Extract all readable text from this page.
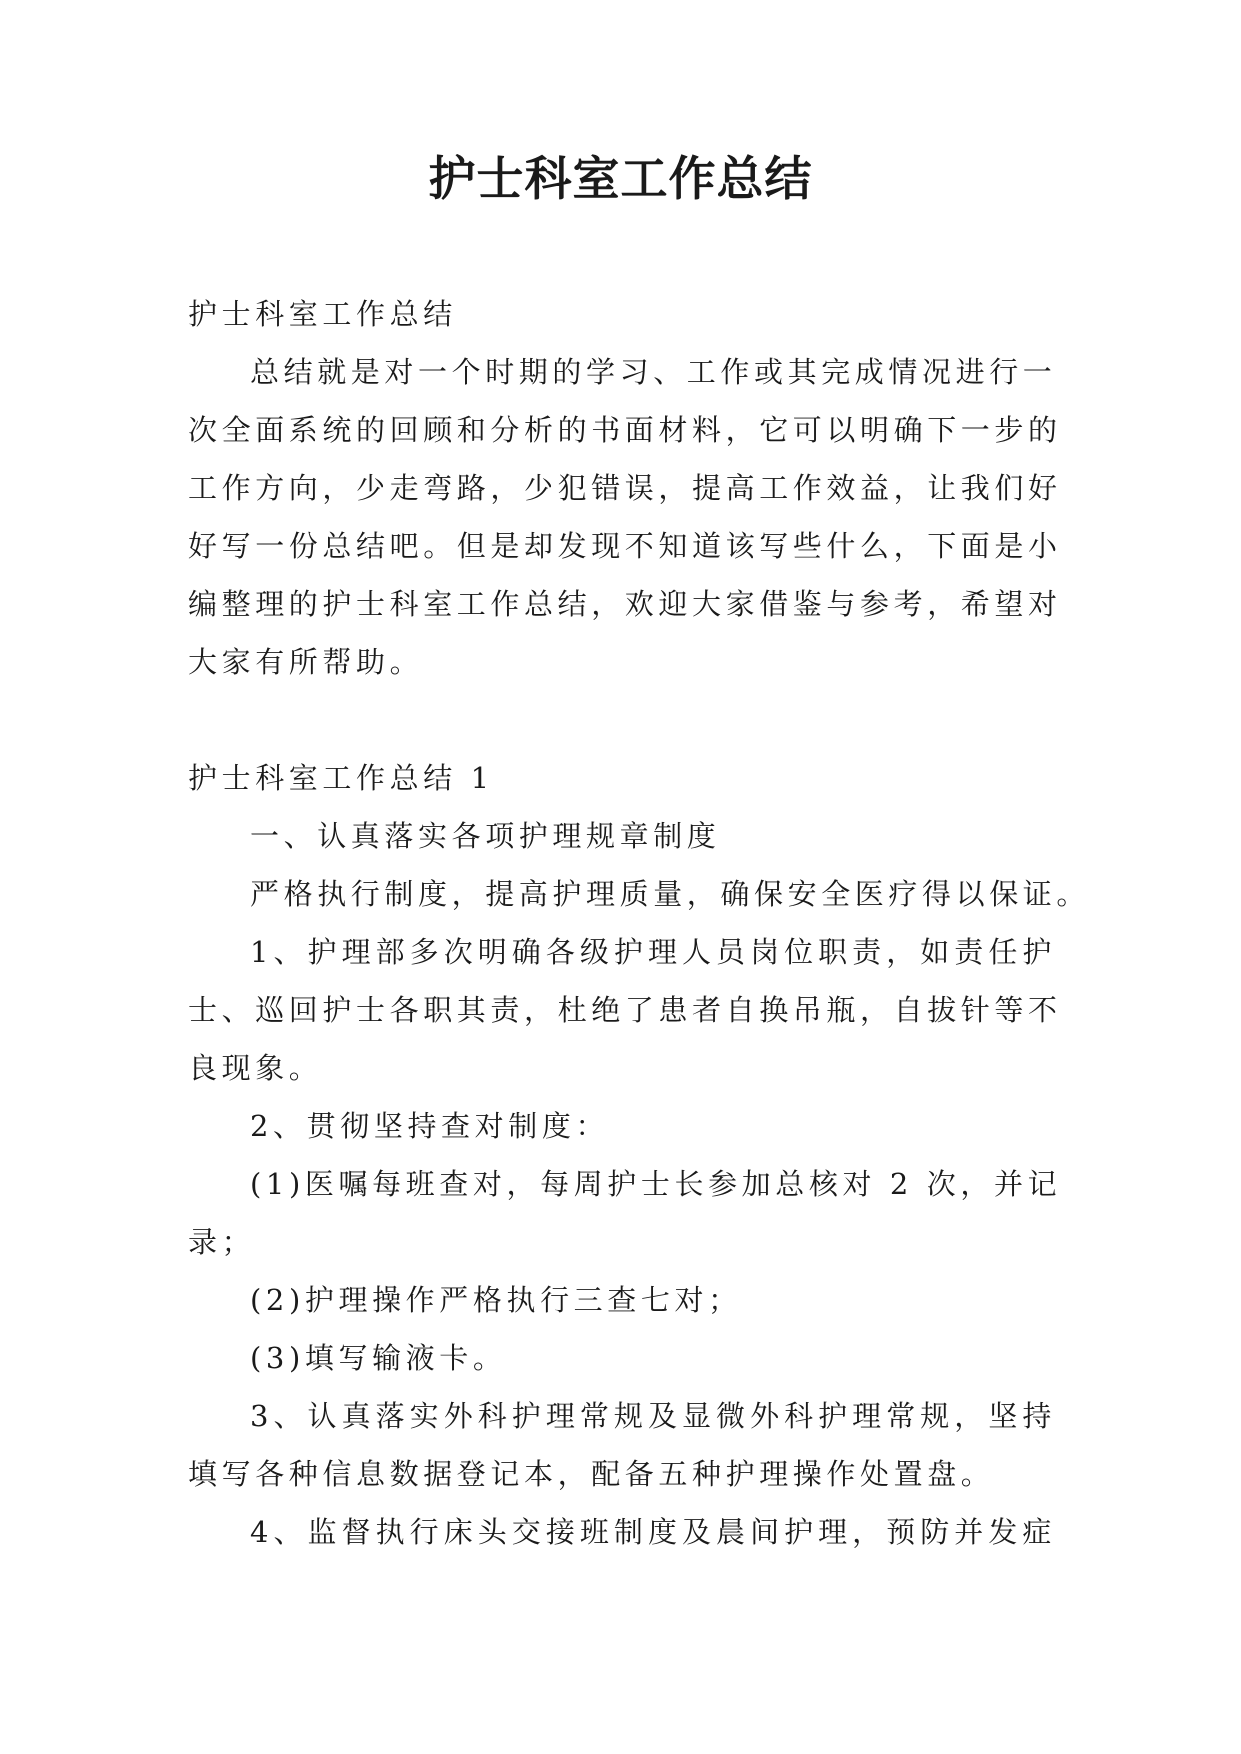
护士科室工作总结
护士科室工作总结
总结就是对一个时期的学习、工作或其完成情况进行一
次全面系统的回顾和分析的书面材料，它可以明确下一步的
工作方向，少走弯路，少犯错误，提高工作效益，让我们好
好写一份总结吧。但是却发现不知道该写些什么，下面是小
编整理的护士科室工作总结，欢迎大家借鉴与参考，希望对
大家有所帮助。
护士科室工作总结 1
一、认真落实各项护理规章制度
严格执行制度，提高护理质量，确保安全医疗得以保证。
1、护理部多次明确各级护理人员岗位职责，如责任护
士、巡回护士各职其责，杜绝了患者自换吊瓶，自拔针等不
良现象。
2、贯彻坚持查对制度：
(1)医嘱每班查对，每周护士长参加总核对 2 次，并记
录；
(2)护理操作严格执行三查七对；
(3)填写输液卡。
3、认真落实外科护理常规及显微外科护理常规，坚持
填写各种信息数据登记本，配备五种护理操作处置盘。
4、监督执行床头交接班制度及晨间护理，预防并发症
